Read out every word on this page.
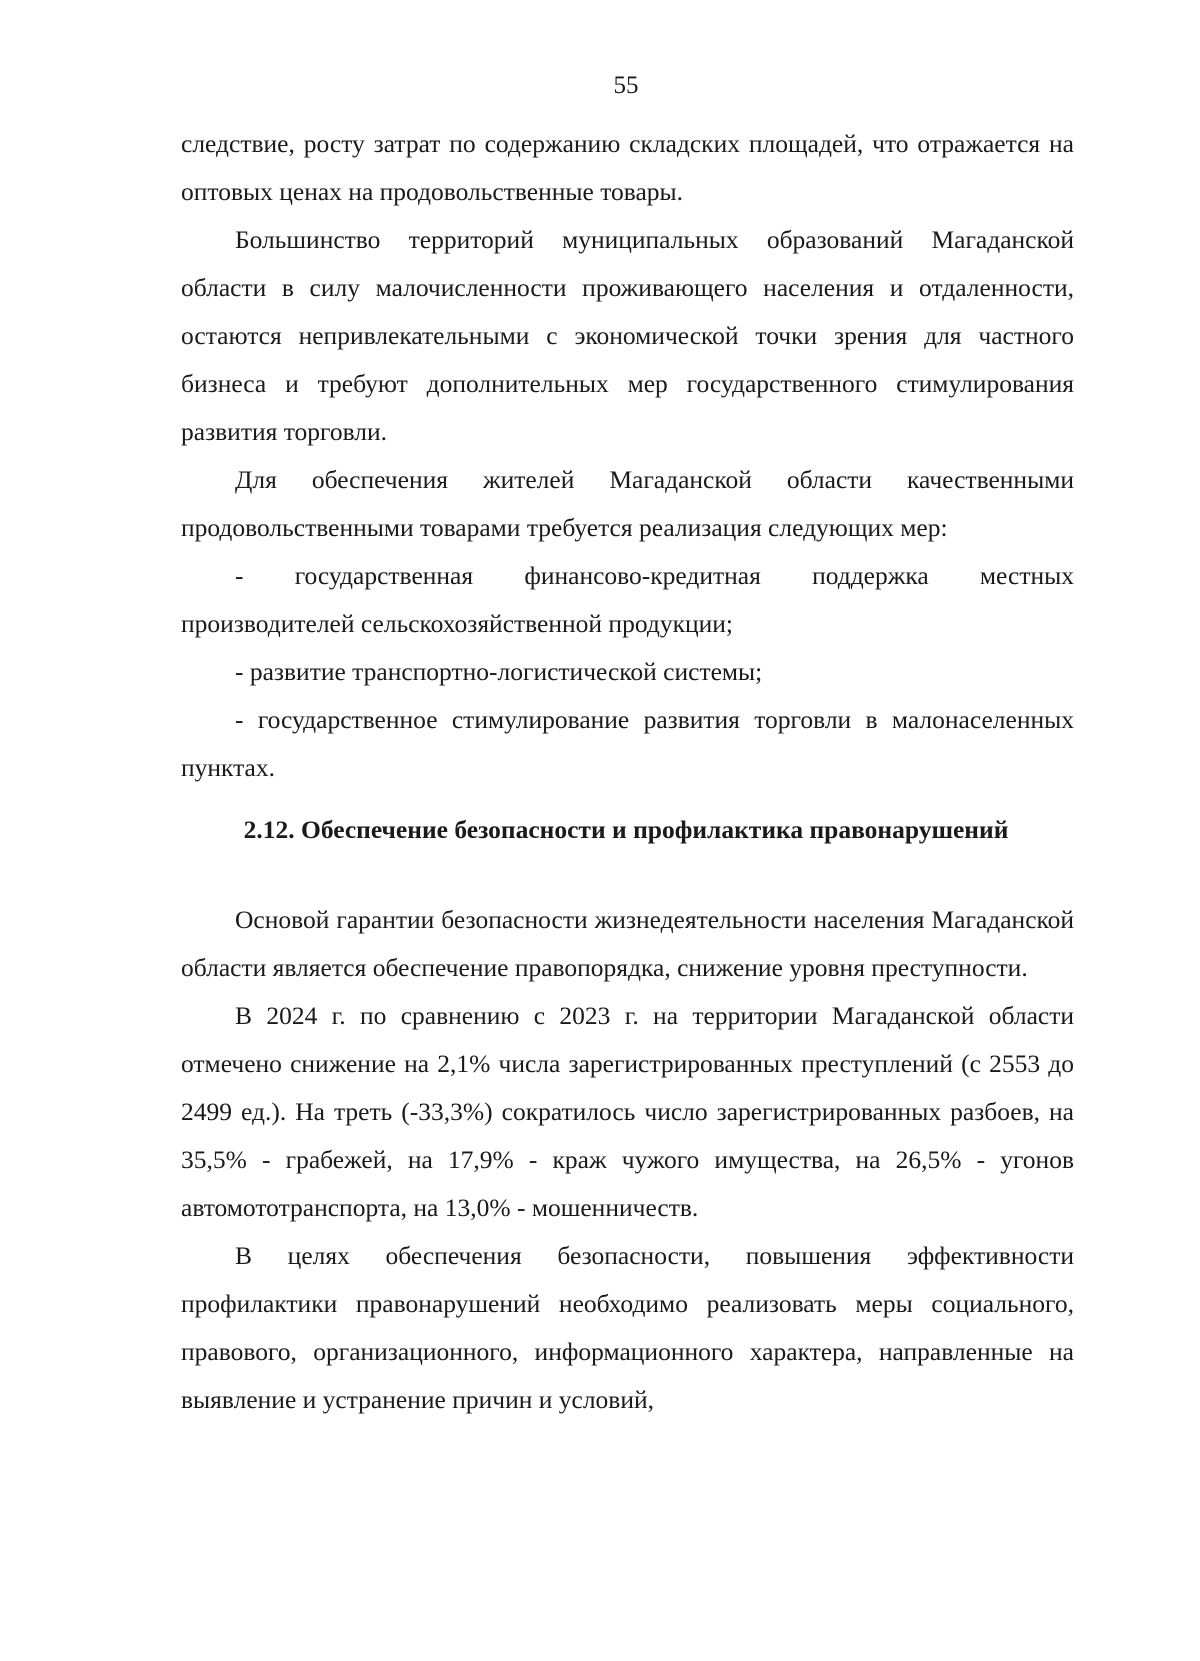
55

следствие, росту затрат по содержанию складских площадей, что отражается на оптовых ценах на продовольственные товары.

Большинство территорий муниципальных образований Магаданской области в силу малочисленности проживающего населения и отдаленности, остаются непривлекательными с экономической точки зрения для частного бизнеса и требуют дополнительных мер государственного стимулирования развития торговли.

Для обеспечения жителей Магаданской области качественными продовольственными товарами требуется реализация следующих мер:

- государственная финансово-кредитная поддержка местных производителей сельскохозяйственной продукции;

- развитие транспортно-логистической системы;

- государственное стимулирование развития торговли в малонаселенных пунктах.

2.12. Обеспечение безопасности и профилактика правонарушений

Основой гарантии безопасности жизнедеятельности населения Магаданской области является обеспечение правопорядка, снижение уровня преступности.

В 2024 г. по сравнению с 2023 г. на территории Магаданской области отмечено снижение на 2,1% числа зарегистрированных преступлений (с 2553 до 2499 ед.). На треть (-33,3%) сократилось число зарегистрированных разбоев, на 35,5% - грабежей, на 17,9% - краж чужого имущества, на 26,5% - угонов автомототранспорта, на 13,0% - мошенничеств.

В целях обеспечения безопасности, повышения эффективности профилактики правонарушений необходимо реализовать меры социального, правового, организационного, информационного характера, направленные на выявление и устранение причин и условий,
